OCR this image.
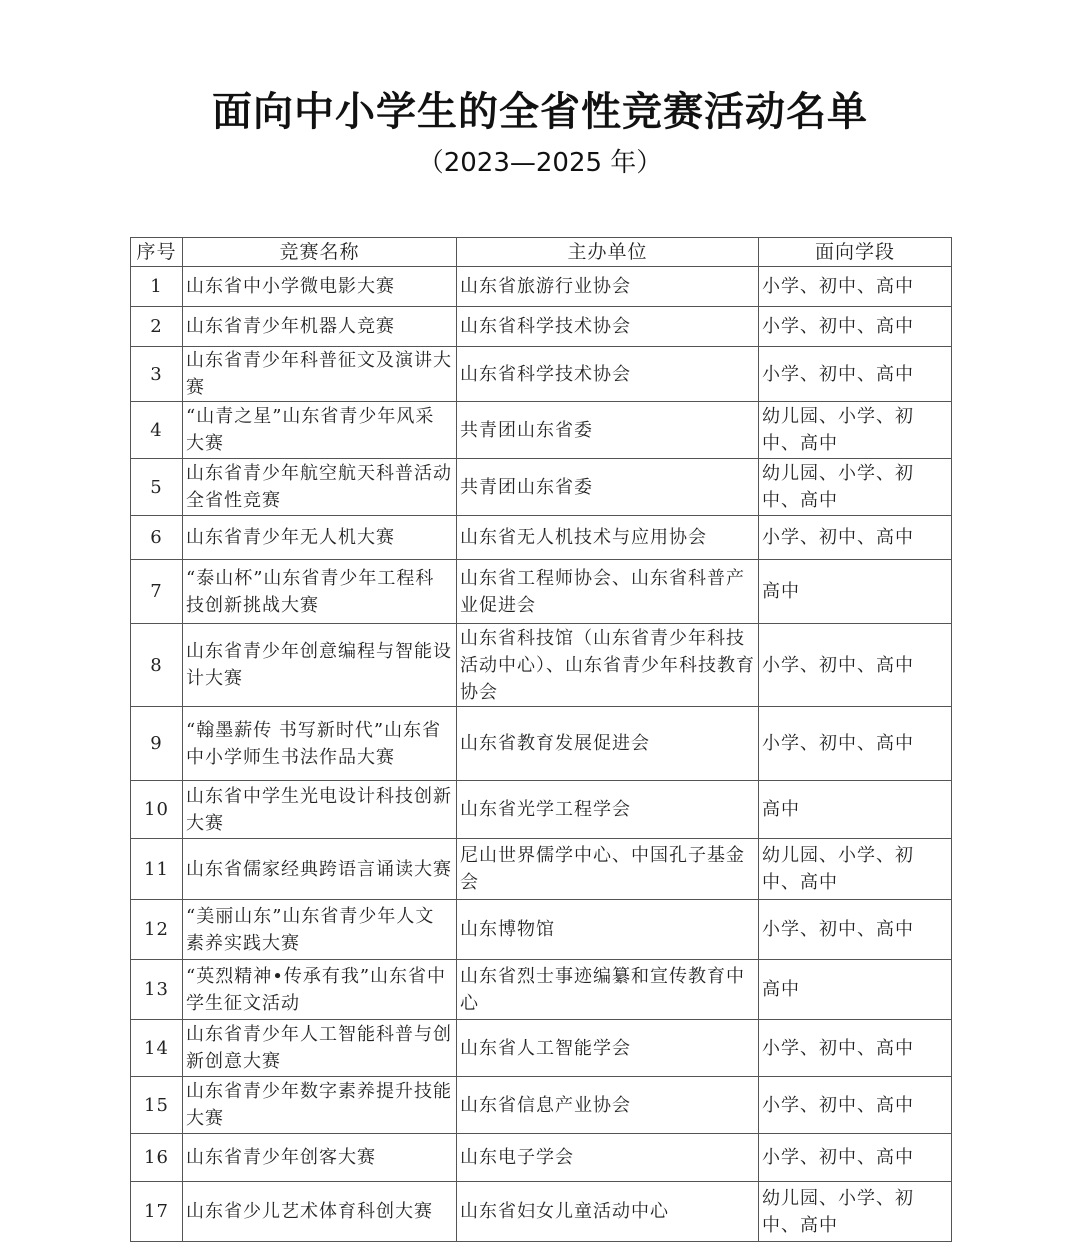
面向中小学生的全省性竞赛活动名单
（2023—2025 年）
序号	竞赛名称	主办单位	面向学段
1	山东省中小学微电影大赛	山东省旅游行业协会	小学、初中、高中
2	山东省青少年机器人竞赛	山东省科学技术协会	小学、初中、高中
3	山东省青少年科普征文及演讲大赛	山东省科学技术协会	小学、初中、高中
4	“山青之星”山东省青少年风采大赛	共青团山东省委	幼儿园、小学、初中、高中
5	山东省青少年航空航天科普活动全省性竞赛	共青团山东省委	幼儿园、小学、初中、高中
6	山东省青少年无人机大赛	山东省无人机技术与应用协会	小学、初中、高中
7	“泰山杯”山东省青少年工程科技创新挑战大赛	山东省工程师协会、山东省科普产业促进会	高中
8	山东省青少年创意编程与智能设计大赛	山东省科技馆（山东省青少年科技活动中心）、山东省青少年科技教育协会	小学、初中、高中
9	“翰墨薪传 书写新时代”山东省中小学师生书法作品大赛	山东省教育发展促进会	小学、初中、高中
10	山东省中学生光电设计科技创新大赛	山东省光学工程学会	高中
11	山东省儒家经典跨语言诵读大赛	尼山世界儒学中心、中国孔子基金会	幼儿园、小学、初中、高中
12	“美丽山东”山东省青少年人文素养实践大赛	山东博物馆	小学、初中、高中
13	“英烈精神•传承有我”山东省中学生征文活动	山东省烈士事迹编纂和宣传教育中心	高中
14	山东省青少年人工智能科普与创新创意大赛	山东省人工智能学会	小学、初中、高中
15	山东省青少年数字素养提升技能大赛	山东省信息产业协会	小学、初中、高中
16	山东省青少年创客大赛	山东电子学会	小学、初中、高中
17	山东省少儿艺术体育科创大赛	山东省妇女儿童活动中心	幼儿园、小学、初中、高中
